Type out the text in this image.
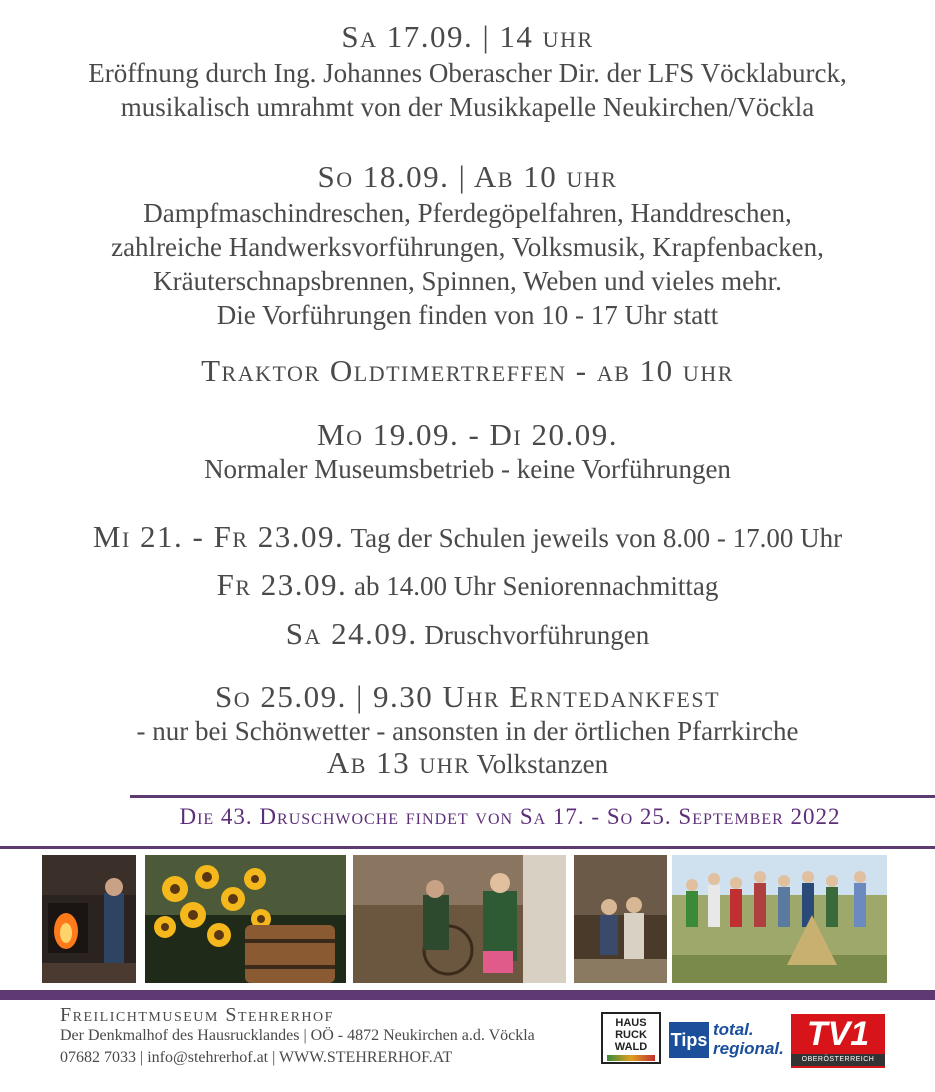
Sa 17.09. | 14 uhr
Eröffnung durch Ing. Johannes Oberascher Dir. der LFS Vöcklaburck,
musikalisch umrahmt von der Musikkapelle Neukirchen/Vöckla
So 18.09. | Ab 10 uhr
Dampfmaschindreschen, Pferdegöpelfahren, Handdreschen,
zahlreiche Handwerksvorführungen, Volksmusik, Krapfenbacken,
Kräuterschnapsbrennen, Spinnen, Weben und vieles mehr.
Die Vorführungen finden von 10 - 17 Uhr statt
Traktor Oldtimertreffen - ab 10 uhr
Mo 19.09. - Di 20.09.
Normaler Museumsbetrieb - keine Vorführungen
Mi 21. - Fr 23.09. Tag der Schulen jeweils von 8.00 - 17.00 Uhr
Fr 23.09. ab 14.00 Uhr Seniorennachmittag
Sa 24.09. Druschvorführungen
So 25.09. | 9.30 Uhr Erntedankfest
- nur bei Schönwetter - ansonsten in der örtlichen Pfarrkirche
Ab 13 uhr Volkstanzen
Die 43. Druschwoche findet von Sa 17. - So 25. September 2022
Freilichtmuseum Stehrerhof
Der Denkmalhof des Hausrucklandes | OÖ - 4872 Neukirchen a.d. Vöckla
07682 7033 | info@stehrerhof.at | WWW.STEHRERHOF.AT
HAUS
RUCK
WALD	Tips
total.
regional. TV1
OBERÖSTERREICH
